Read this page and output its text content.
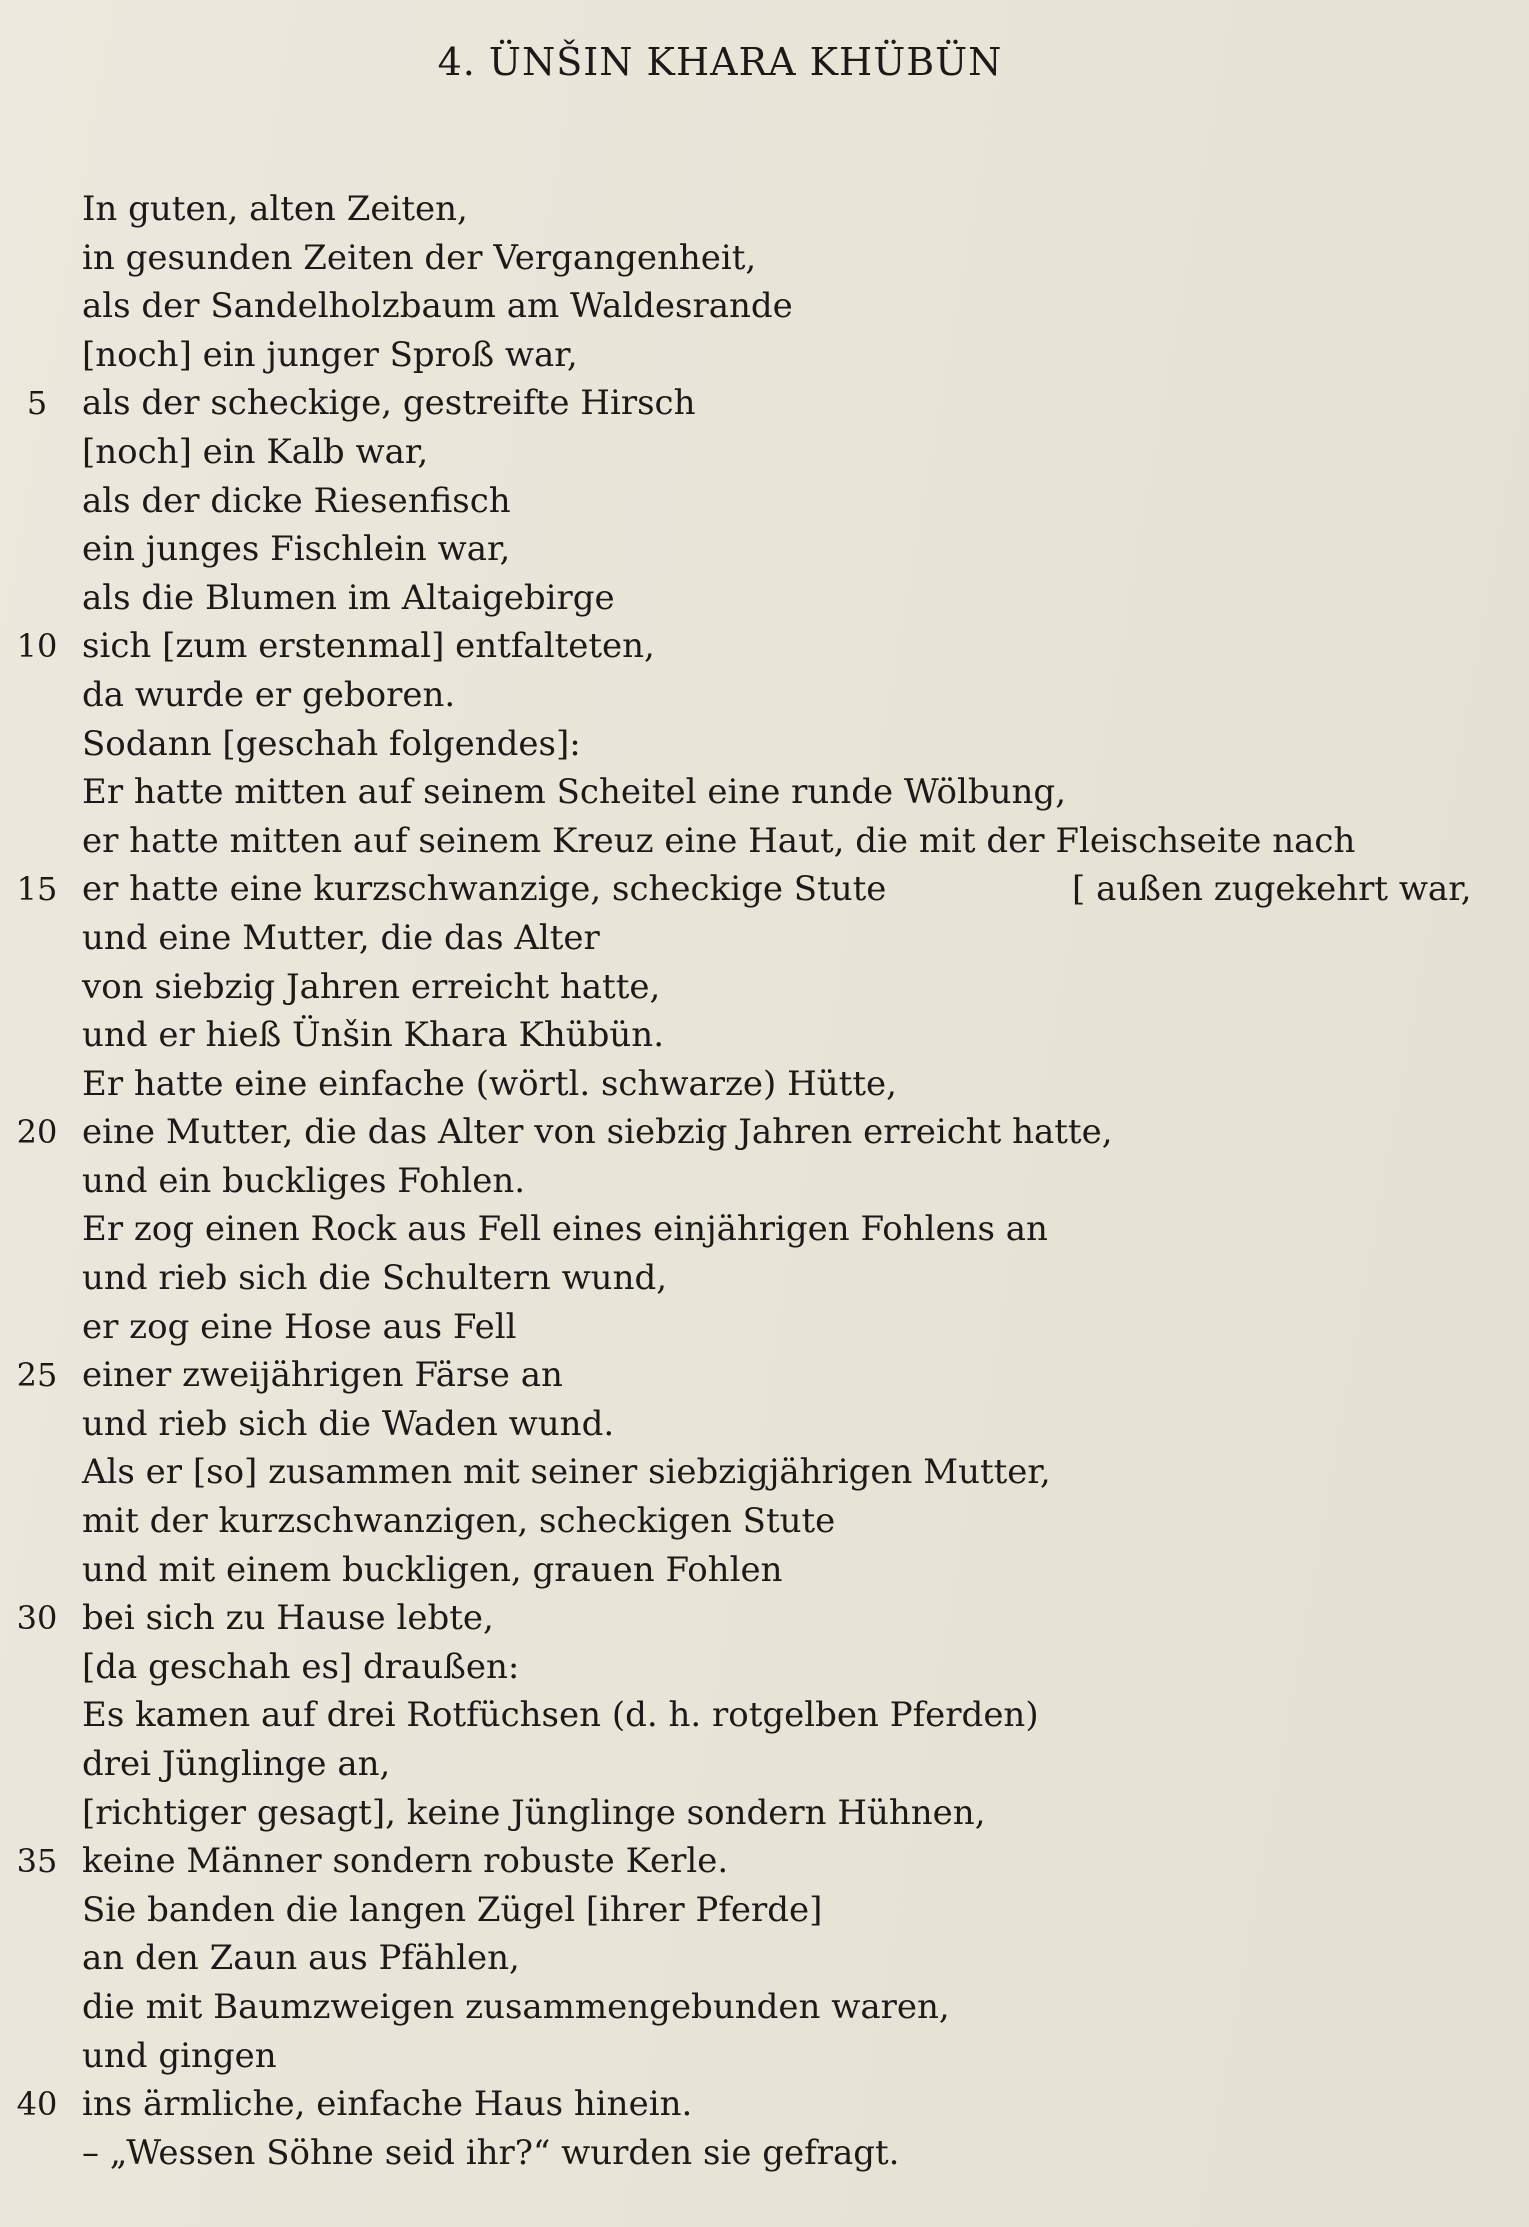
4. ÜNŠIN KHARA KHÜBÜN
In guten, alten Zeiten,
in gesunden Zeiten der Vergangenheit,
als der Sandelholzbaum am Waldesrande
[noch] ein junger Sproß war,
5	als der scheckige, gestreifte Hirsch
[noch] ein Kalb war,
als der dicke Riesenfisch
ein junges Fischlein war,
als die Blumen im Altaigebirge
10 sich [zum erstenmal] entfalteten,
da wurde er geboren.
Sodann [geschah folgendes]:
Er hatte mitten auf seinem Scheitel eine runde Wölbung,
er hatte mitten auf seinem Kreuz eine Haut, die mit der Fleischseite nach
15 er hatte eine kurzschwanzige, scheckige Stute	[ außen zugekehrt war,
und eine Mutter, die das Alter
von siebzig Jahren erreicht hatte,
und er hieß Ünšin Khara Khübün.
Er hatte eine einfache (wörtl. schwarze) Hütte,
20 eine Mutter, die das Alter von siebzig Jahren erreicht hatte,
und ein buckliges Fohlen.
Er zog einen Rock aus Fell eines einjährigen Fohlens an
und rieb sich die Schultern wund,
er zog eine Hose aus Fell
25 einer zweijährigen Färse an
und rieb sich die Waden wund.
Als er [so] zusammen mit seiner siebzigjährigen Mutter,
mit der kurzschwanzigen, scheckigen Stute
und mit einem buckligen, grauen Fohlen
30 bei sich zu Hause lebte,
[da geschah es] draußen:
Es kamen auf drei Rotfüchsen (d. h. rotgelben Pferden)
drei Jünglinge an,
[richtiger gesagt], keine Jünglinge sondern Hühnen,
35 keine Männer sondern robuste Kerle.
Sie banden die langen Zügel [ihrer Pferde]
an den Zaun aus Pfählen,
die mit Baumzweigen zusammengebunden waren,
und gingen
40 ins ärmliche, einfache Haus hinein.
– „Wessen Söhne seid ihr?“ wurden sie gefragt.
